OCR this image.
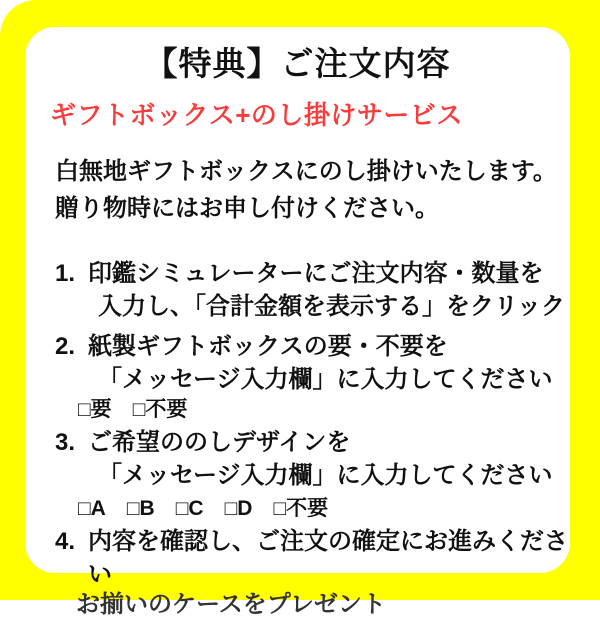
【特典】ご注文内容
ギフトボックス+のし掛けサービス
白無地ギフトボックスにのし掛けいたします。
贈り物時にはお申し付けください。
1. 印鑑シミュレーターにご注文内容・数量を
入力し、「合計金額を表示する」をクリック
2. 紙製ギフトボックスの要・不要を
「メッセージ入力欄」に入力してください
□要 □不要
3. ご希望ののしデザインを
「メッセージ入力欄」に入力してください
□A □B □C □D □不要
4. 内容を確認し、ご注文の確定にお進みください
お揃いのケースをプレゼント
